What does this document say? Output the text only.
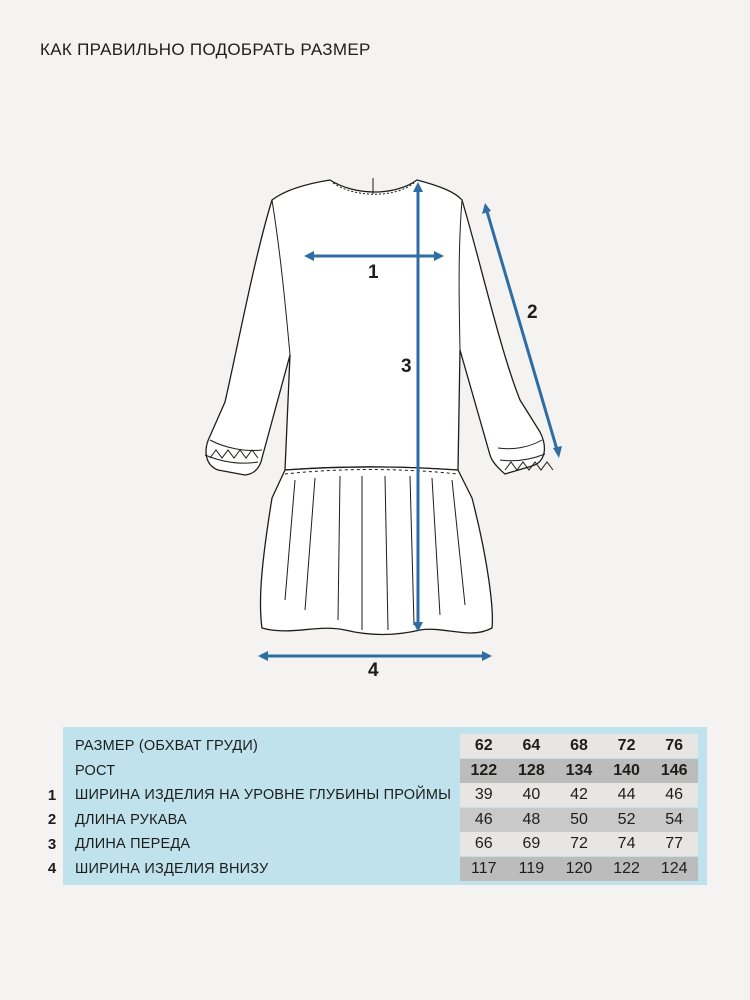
КАК ПРАВИЛЬНО ПОДОБРАТЬ РАЗМЕР
1
2
3
4
РАЗМЕР (ОБХВАТ ГРУДИ)	62	64	68	72	76
РОСТ	122	128	134	140	146
ШИРИНА ИЗДЕЛИЯ НА УРОВНЕ ГЛУБИНЫ ПРОЙМЫ	39	40	42	44	46
ДЛИНА РУКАВА	46	48	50	52	54
ДЛИНА ПЕРЕДА	66	69	72	74	77
ШИРИНА ИЗДЕЛИЯ ВНИЗУ	117	119	120	122	124
1
2
3
4
